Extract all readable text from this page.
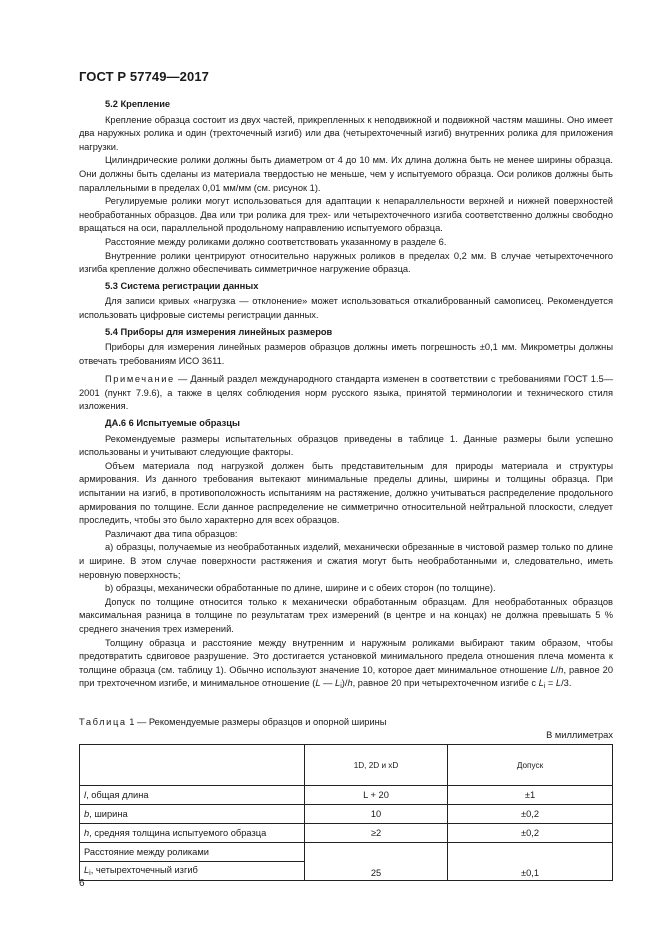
ГОСТ Р 57749—2017

5.2 Крепление

Крепление образца состоит из двух частей, прикрепленных к неподвижной и подвижной частям машины. Оно имеет два наружных ролика и один (трехточечный изгиб) или два (четырехточечный изгиб) внутренних ролика для приложения нагрузки.

Цилиндрические ролики должны быть диаметром от 4 до 10 мм. Их длина должна быть не менее ширины образца. Они должны быть сделаны из материала твердостью не меньше, чем у испытуемого образца. Оси роликов должны быть параллельными в пределах 0,01 мм/мм (см. рисунок 1).

Регулируемые ролики могут использоваться для адаптации к непараллельности верхней и нижней поверхностей необработанных образцов. Два или три ролика для трех- или четырехточечного изгиба соответственно должны свободно вращаться на оси, параллельной продольному направлению испытуемого образца.

Расстояние между роликами должно соответствовать указанному в разделе 6.

Внутренние ролики центрируют относительно наружных роликов в пределах 0,2 мм. В случае четырехточечного изгиба крепление должно обеспечивать симметричное нагружение образца.

5.3 Система регистрации данных

Для записи кривых «нагрузка — отклонение» может использоваться откалиброванный самописец. Рекомендуется использовать цифровые системы регистрации данных.

5.4 Приборы для измерения линейных размеров

Приборы для измерения линейных размеров образцов должны иметь погрешность ±0,1 мм. Микрометры должны отвечать требованиям ИСО 3611.

Примечание — Данный раздел международного стандарта изменен в соответствии с требованиями ГОСТ 1.5—2001 (пункт 7.9.6), а также в целях соблюдения норм русского языка, принятой терминологии и технического стиля изложения.

ДА.6 6 Испытуемые образцы

Рекомендуемые размеры испытательных образцов приведены в таблице 1. Данные размеры были успешно использованы и учитывают следующие факторы.

Объем материала под нагрузкой должен быть представительным для природы материала и структуры армирования. Из данного требования вытекают минимальные пределы длины, ширины и толщины образца. При испытании на изгиб, в противоположность испытаниям на растяжение, должно учитываться распределение продольного армирования по толщине. Если данное распределение не симметрично относительной нейтральной плоскости, следует проследить, чтобы это было характерно для всех образцов.

Различают два типа образцов:

а) образцы, получаемые из необработанных изделий, механически обрезанные в чистовой размер только по длине и ширине. В этом случае поверхности растяжения и сжатия могут быть необработанными и, следовательно, иметь неровную поверхность;

b) образцы, механически обработанные по длине, ширине и с обеих сторон (по толщине).

Допуск по толщине относится только к механически обработанным образцам. Для необработанных образцов максимальная разница в толщине по результатам трех измерений (в центре и на концах) не должна превышать 5 % среднего значения трех измерений.

Толщину образца и расстояние между внутренним и наружным роликами выбирают таким образом, чтобы предотвратить сдвиговое разрушение. Это достигается установкой минимального предела отношения плеча момента к толщине образца (см. таблицу 1). Обычно используют значение 10, которое дает минимальное отношение L/h, равное 20 при трехточечном изгибе, и минимальное отношение (L — $L_i)/h$, равное 20 при четырехточечном изгибе с $L_i = L/3$.

Таблица 1 — Рекомендуемые размеры образцов и опорной ширины
В миллиметрах
	1D, 2D и xD	Допуск
l, общая длина	L + 20	±1
b, ширина	10	±0,2
h, средняя толщина испытуемого образца	≥2	±0,2
Расстояние между роликами	25	±0,1
$L_i$, четырехточечный изгиб		
6
